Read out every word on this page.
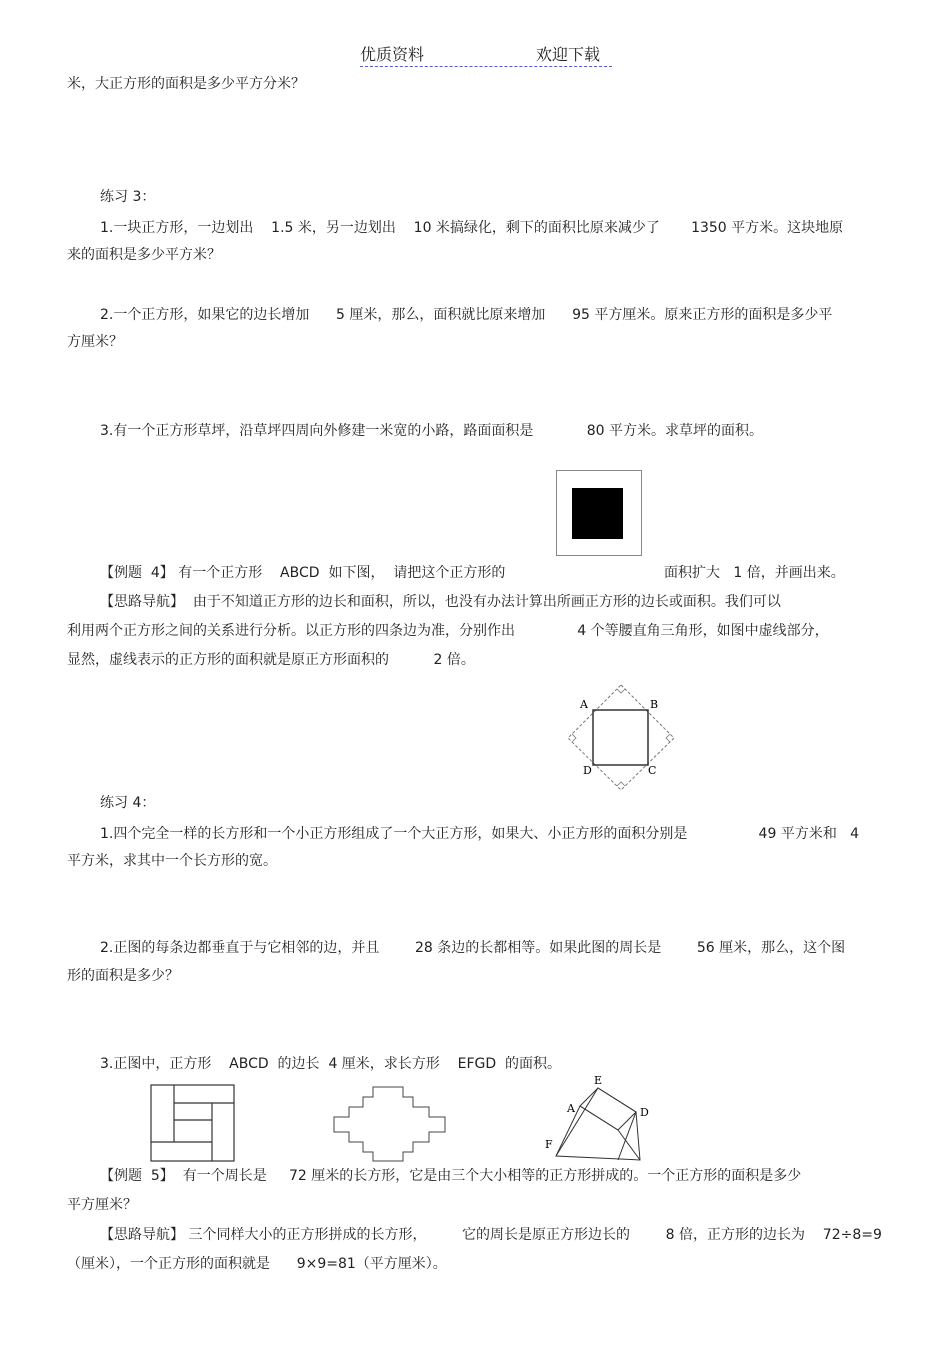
优质资料	欢迎下载
米，大正方形的面积是多少平方分米？
练习 3：
1.一块正方形，一边划出    1.5 米，另一边划出    10 米搞绿化，剩下的面积比原来减少了       1350 平方米。这块地原
来的面积是多少平方米？
2.一个正方形，如果它的边长增加      5 厘米，那么，面积就比原来增加      95 平方厘米。原来正方形的面积是多少平
方厘米？
3.有一个正方形草坪，沿草坪四周向外修建一米宽的小路，路面面积是            80 平方米。求草坪的面积。
【例题  4】 有一个正方形    ABCD  如下图，  请把这个正方形的	面积扩大   1 倍，并画出来。
【思路导航】  由于不知道正方形的边长和面积，所以，也没有办法计算出所画正方形的边长或面积。我们可以
利用两个正方形之间的关系进行分析。以正方形的四条边为准，分别作出              4 个等腰直角三角形，如图中虚线部分，
显然，虚线表示的正方形的面积就是原正方形面积的          2 倍。
A	B
D	C
练习 4：
1.四个完全一样的长方形和一个小正方形组成了一个大正方形，如果大、小正方形的面积分别是                49 平方米和   4
平方米，求其中一个长方形的宽。
2.正图的每条边都垂直于与它相邻的边，并且        28 条边的长都相等。如果此图的周长是        56 厘米，那么，这个图
形的面积是多少？
3.正图中，正方形    ABCD  的边长  4 厘米，求长方形    EFGD  的面积。
E
A	D
F
【例题  5】  有一个周长是     72 厘米的长方形，它是由三个大小相等的正方形拼成的。一个正方形的面积是多少
平方厘米？
【思路导航】 三个同样大小的正方形拼成的长方形，        它的周长是原正方形边长的        8 倍，正方形的边长为    72÷8=9
（厘米），一个正方形的面积就是      9×9=81（平方厘米）。
